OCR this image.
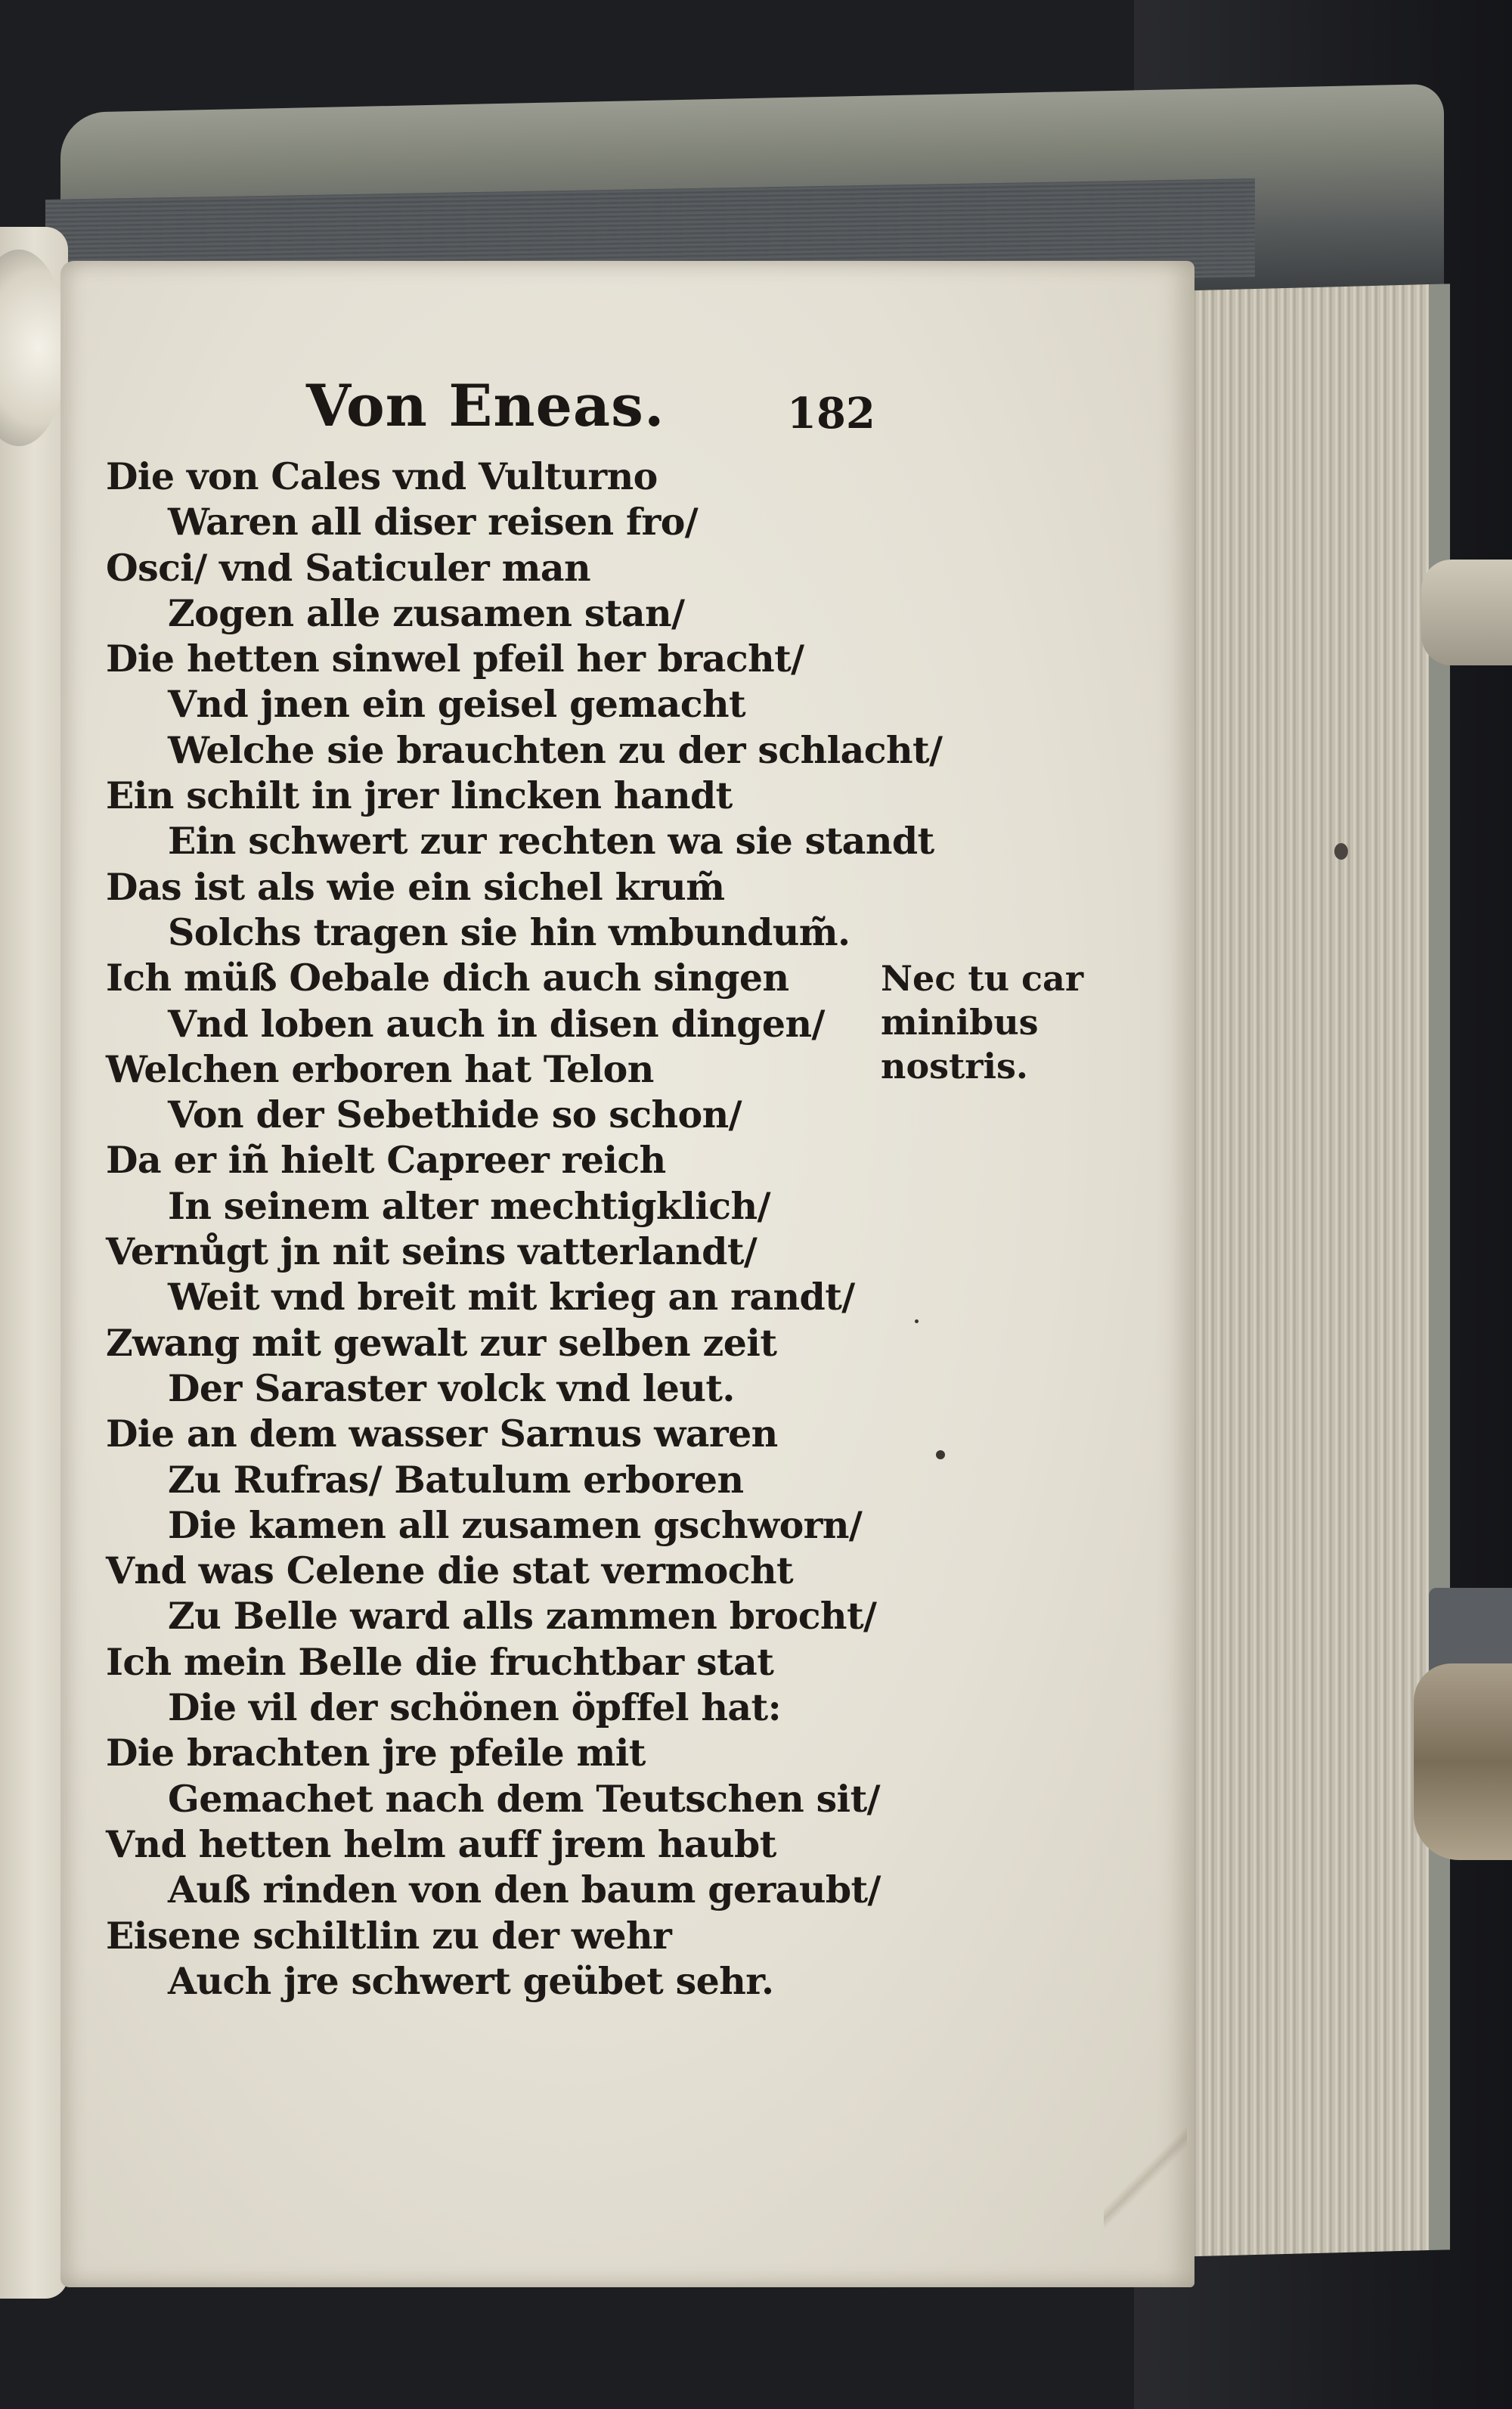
Von Eneas.	182
Die von Cales vnd Vulturno
Waren all diser reisen fro/
Osci/ vnd Saticuler man
Zogen alle zusamen stan/
Die hetten sinwel pfeil her bracht/
Vnd jnen ein geisel gemacht
Welche sie brauchten zu der schlacht/
Ein schilt in jrer lincken handt
Ein schwert zur rechten wa sie standt
Das ist als wie ein sichel krum̃
Solchs tragen sie hin vmbundum̃.
Ich müß Oebale dich auch singen
Vnd loben auch in disen dingen/
Welchen erboren hat Telon
Von der Sebethide so schon/
Da er iñ hielt Capreer reich
In seinem alter mechtigklich/
Vernůgt jn nit seins vatterlandt/
Weit vnd breit mit krieg an randt/
Zwang mit gewalt zur selben zeit
Der Saraster volck vnd leut.
Die an dem wasser Sarnus waren
Zu Rufras/ Batulum erboren
Die kamen all zusamen gschworn/
Vnd was Celene die stat vermocht
Zu Belle ward alls zammen brocht/
Ich mein Belle die fruchtbar stat
Die vil der schönen öpffel hat:
Die brachten jre pfeile mit
Gemachet nach dem Teutschen sit/
Vnd hetten helm auff jrem haubt
Auß rinden von den baum geraubt/
Eisene schiltlin zu der wehr
Auch jre schwert geübet sehr.
Nec tu car
minibus
nostris.
